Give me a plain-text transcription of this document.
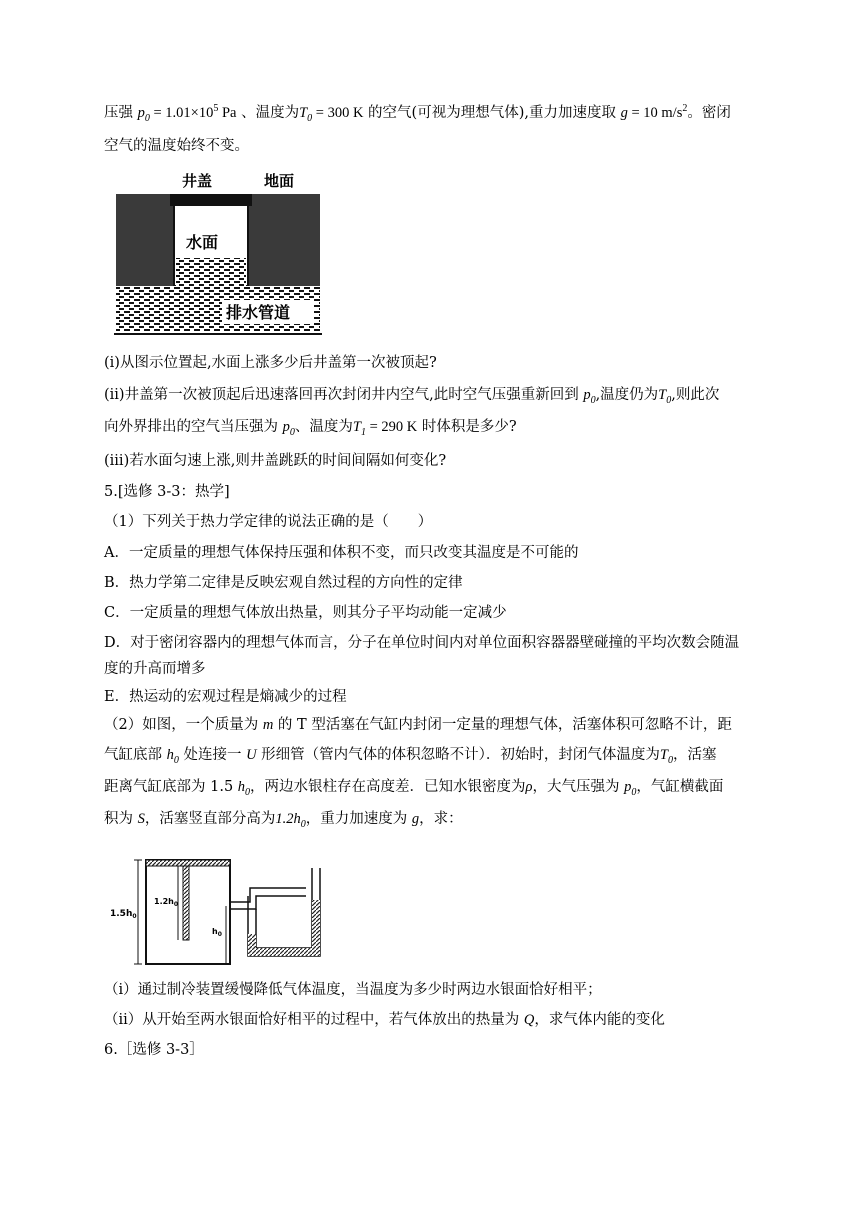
压强 $p_0 = 1.01\times 10^5$ Pa 、温度为$T_0 = 300$ K 的空气(可视为理想气体),重力加速度取 g = 10 $m/s^2$。密闭
空气的温度始终不变。
井盖	地面
水面
排水管道
(i)从图示位置起,水面上涨多少后井盖第一次被顶起?
(ii)井盖第一次被顶起后迅速落回再次封闭井内空气,此时空气压强重新回到 $p_0$,温度仍为$T_0$,则此次
向外界排出的空气当压强为 $p_0$、温度为$T_1 = 290$ K 时体积是多少?
(iii)若水面匀速上涨,则井盖跳跃的时间间隔如何变化?
5.[选修 3-3：热学]
（1）下列关于热力学定律的说法正确的是（　　）
A．一定质量的理想气体保持压强和体积不变，而只改变其温度是不可能的
B．热力学第二定律是反映宏观自然过程的方向性的定律
C．一定质量的理想气体放出热量，则其分子平均动能一定减少
D．对于密闭容器内的理想气体而言，分子在单位时间内对单位面积容器器壁碰撞的平均次数会随温
度的升高而增多
E．热运动的宏观过程是熵减少的过程
（2）如图，一个质量为 m 的 T 型活塞在气缸内封闭一定量的理想气体，活塞体积可忽略不计，距
气缸底部 $h_0$ 处连接一 U 形细管（管内气体的体积忽略不计）．初始时，封闭气体温度为$T_0$，活塞
距离气缸底部为 1.5 $h_0$，两边水银柱存在高度差．已知水银密度为ρ，大气压强为 $p_0$，气缸横截面
积为 S，活塞竖直部分高为$1.2h_0$，重力加速度为 g，求：
$1.5h_0$
$1.2h_0$
$h_0$
（i）通过制冷装置缓慢降低气体温度，当温度为多少时两边水银面恰好相平；
（ii）从开始至两水银面恰好相平的过程中，若气体放出的热量为 Q，求气体内能的变化
6.［选修 3-3］
